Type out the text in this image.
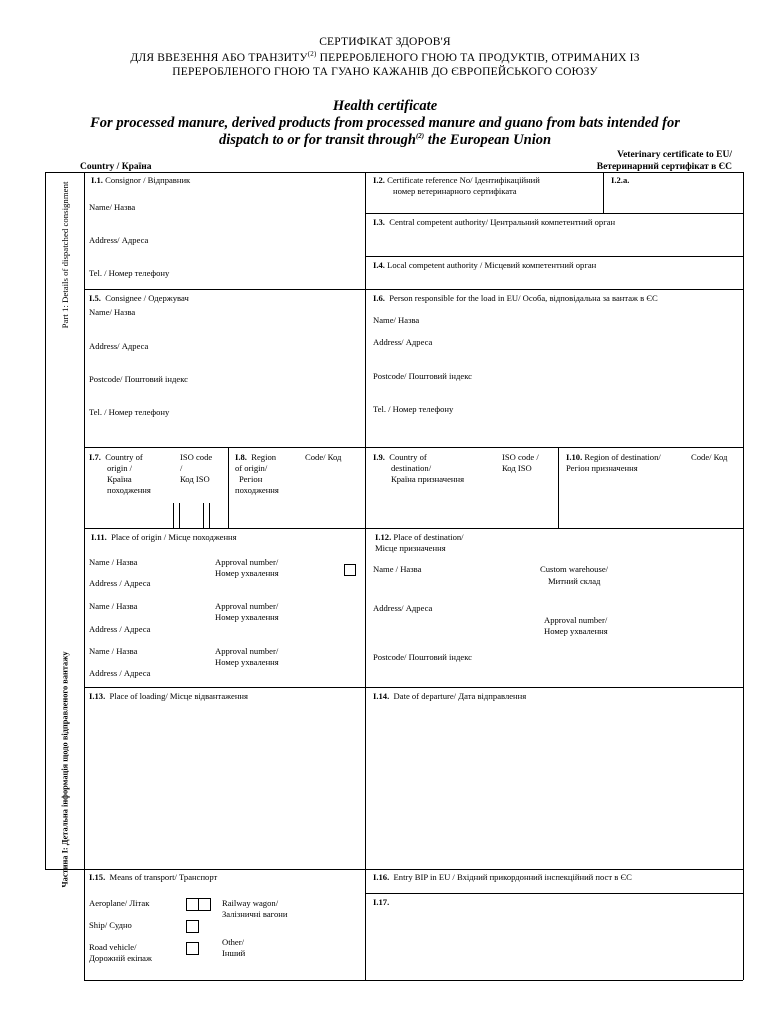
СЕРТИФІКАТ ЗДОРОВ'Я
ДЛЯ ВВЕЗЕННЯ АБО ТРАНЗИТУ$^{(2)}$ ПЕРЕРОБЛЕНОГО ГНОЮ ТА ПРОДУКТІВ, ОТРИМАНИХ ІЗ
ПЕРЕРОБЛЕНОГО ГНОЮ ТА ГУАНО КАЖАНІВ ДО ЄВРОПЕЙСЬКОГО СОЮЗУ
Health certificate
For processed manure, derived products from processed manure and guano from bats intended for
dispatch to or for transit through$^{(2)}$ the European Union
Veterinary certificate to EU/
Ветеринарний сертифікат в ЄС
Country / Країна
Part 1: Details of dispatched consignment
Частина I: Детальна інформація щодо відправленого вантажу
I.1. Consignor / Відправник
Name/ Назва
Address/ Адреса
Tel. / Номер телефону
I.2. Certificate reference No/ Ідентифікаційний
номер ветеринарного сертифіката
I.2.a.
I.3. Central competent authority/ Центральний компетентний орган
I.4. Local competent authority / Місцевий компетентний орган
I.5. Consignee / Одержувач
Name/ Назва
Address/ Адреса
Postcode/ Поштовий індекс
Tel. / Номер телефону
I.6. Person responsible for the load in EU/ Особа, відповідальна за вантаж в ЄС
Name/ Назва
Address/ Адреса
Postcode/ Поштовий індекс
Tel. / Номер телефону
I.7. Country of
origin /
Країна
походження
ISO code
/
Код ISO
I.8. Region
of origin/
Регіон
походження
Code/ Код	I.9. Country of
destination/
Країна призначення
ISO code /
Код ISO
I.10. Region of destination/
Регіон призначення
Code/ Код
I.11. Place of origin / Місце походження
Name / Назва	Approval number/
Номер ухвалення
Address / Адреса
Name / Назва	Approval number/
Номер ухвалення
Address / Адреса
Name / Назва	Approval number/
Номер ухвалення
Address / Адреса
I.12. Place of destination/
Місце призначення
Name / Назва	Custom warehouse/
Митний склад
Address/ Адреса
Approval number/
Номер ухвалення
Postcode/ Поштовий індекс
I.13. Place of loading/ Місце відвантаження	I.14. Date of departure/ Дата відправлення
I.15. Means of transport/ Транспорт
Aeroplane/ Літак	Railway wagon/
Залізничні вагони
Ship/ Судно
Road vehicle/
Дорожній екіпаж
Other/
Інший
I.16. Entry BIP in EU / Вхідний прикордонний інспекційний пост в ЄС
I.17.
